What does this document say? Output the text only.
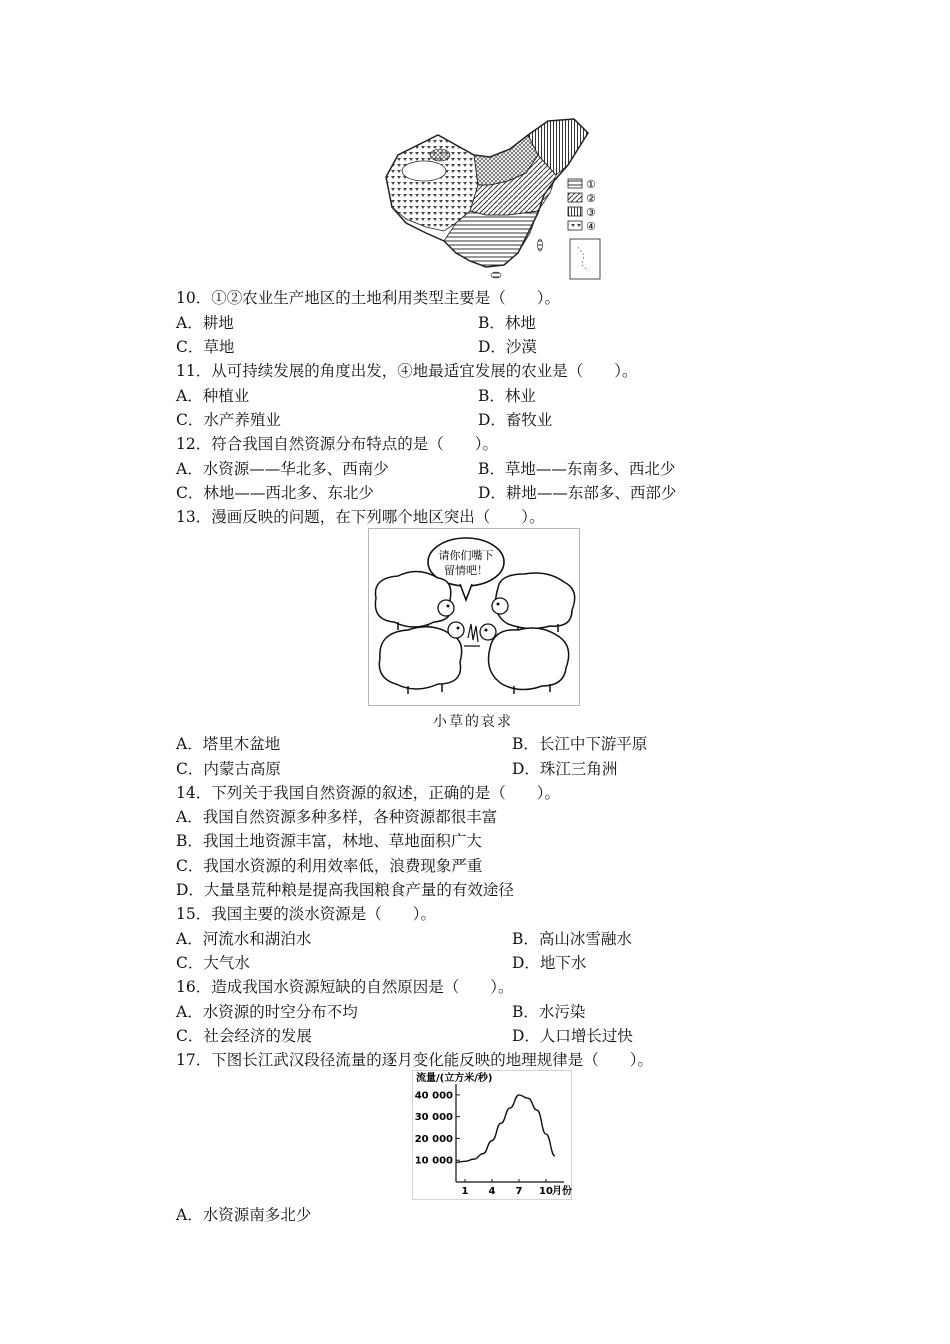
①
②
③
④
10．①②农业生产地区的土地利用类型主要是（　　）。
A．耕地	B．林地
C．草地	D．沙漠
11．从可持续发展的角度出发，④地最适宜发展的农业是（　　）。
A．种植业	B．林业
C．水产养殖业	D．畜牧业
12．符合我国自然资源分布特点的是（　　）。
A．水资源——华北多、西南少	B．草地——东南多、西北少
C．林地——西北多、东北少	D．耕地——东部多、西部少
13．漫画反映的问题，在下列哪个地区突出（　　）。
请你们嘴下
留情吧！
小草的哀求
A．塔里木盆地	B．长江中下游平原
C．内蒙古高原	D．珠江三角洲
14．下列关于我国自然资源的叙述，正确的是（　　）。
A．我国自然资源多种多样，各种资源都很丰富
B．我国土地资源丰富，林地、草地面积广大
C．我国水资源的利用效率低，浪费现象严重
D．大量垦荒种粮是提高我国粮食产量的有效途径
15．我国主要的淡水资源是（　　）。
A．河流水和湖泊水	B．高山冰雪融水
C．大气水	D．地下水
16．造成我国水资源短缺的自然原因是（　　）。
A．水资源的时空分布不均	B．水污染
C．社会经济的发展	D．人口增长过快
17．下图长江武汉段径流量的逐月变化能反映的地理规律是（　　）。
流量/(立方米/秒)
10 000
20 000
30 000
40 000
1 4 7 10 月份
A．水资源南多北少
